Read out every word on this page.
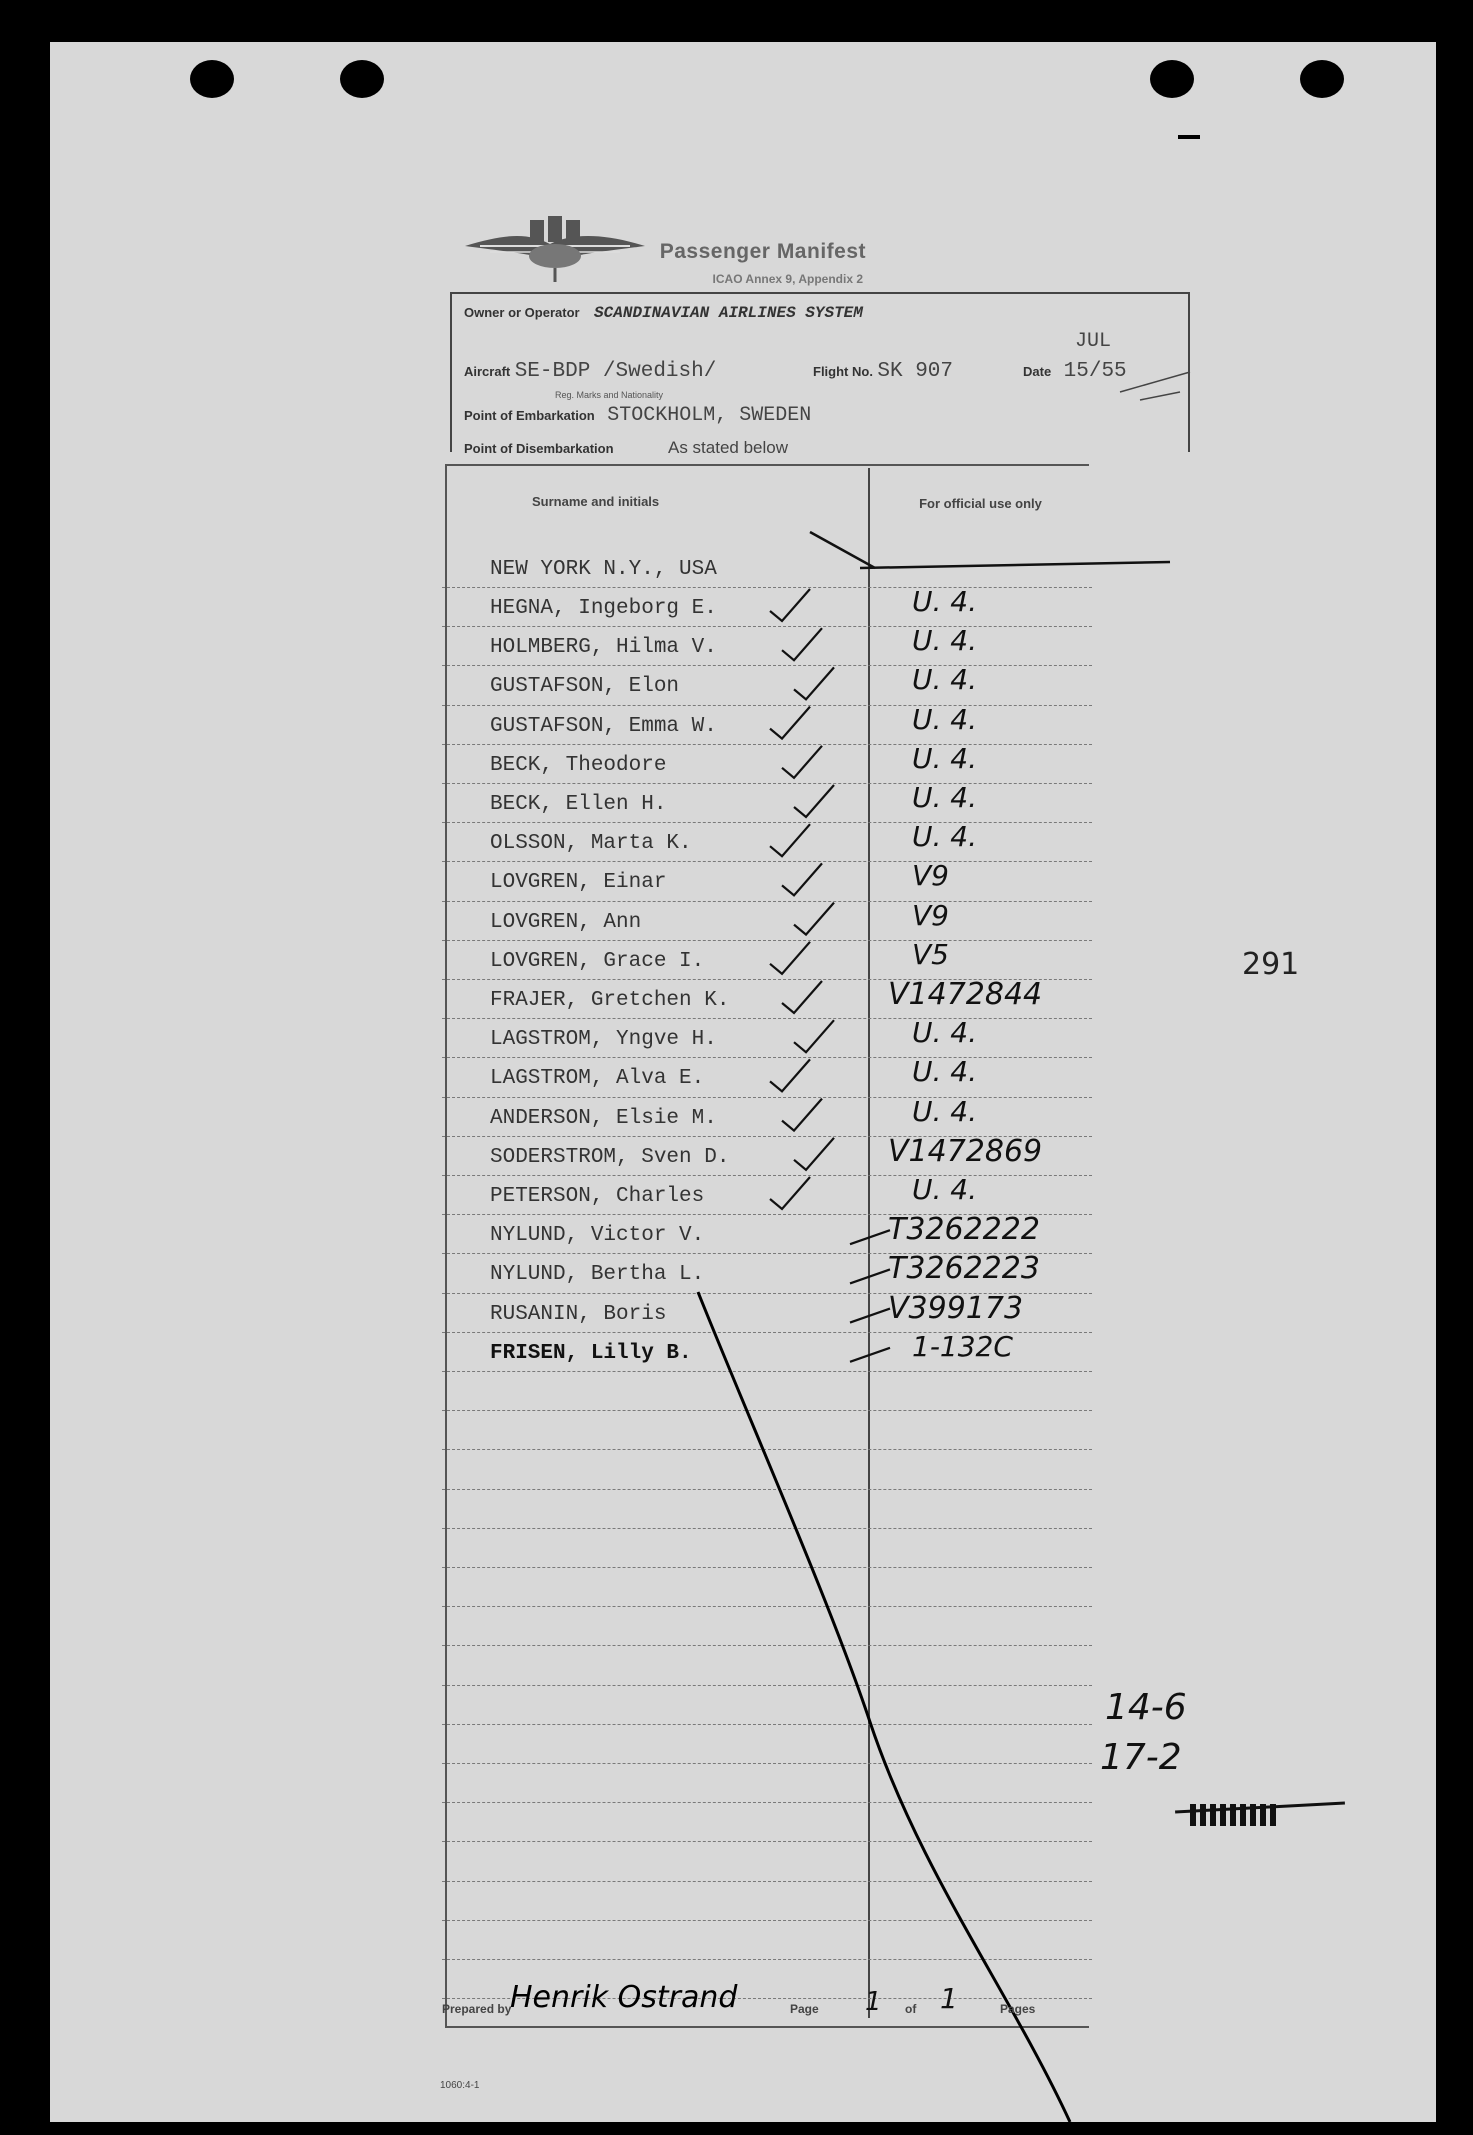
Passenger Manifest
ICAO Annex 9, Appendix 2
Owner or Operator SCANDINAVIAN AIRLINES SYSTEM
Aircraft SE-BDP /Swedish/
Reg. Marks and Nationality
Flight No. SK 907
JUL
Date 15/55
Point of Embarkation STOCKHOLM, SWEDEN
Point of Disembarkation	As stated below
Surname and initials	For official use only
NEW YORK N.Y., USA
HEGNA, Ingeborg E.	U. 4.
HOLMBERG, Hilma V.	U. 4.
GUSTAFSON, Elon	U. 4.
GUSTAFSON, Emma W.	U. 4.
BECK, Theodore	U. 4.
BECK, Ellen H.	U. 4.
OLSSON, Marta K.	U. 4.
LOVGREN, Einar	V9
LOVGREN, Ann	V9
LOVGREN, Grace I.	V5
FRAJER, Gretchen K.	V1472844
LAGSTROM, Yngve H.	U. 4.
LAGSTROM, Alva E.	U. 4.
ANDERSON, Elsie M.	U. 4.
SODERSTROM, Sven D.	V1472869
PETERSON, Charles	U. 4.
NYLUND, Victor V.	T3262222
NYLUND, Bertha L.	T3262223
RUSANIN, Boris	V399173
FRISEN, Lilly B.	1-132C
291
14-6
17-2
Prepared by
Henrik Ostrand	Page 1 of 1	Pages
1060:4-1
